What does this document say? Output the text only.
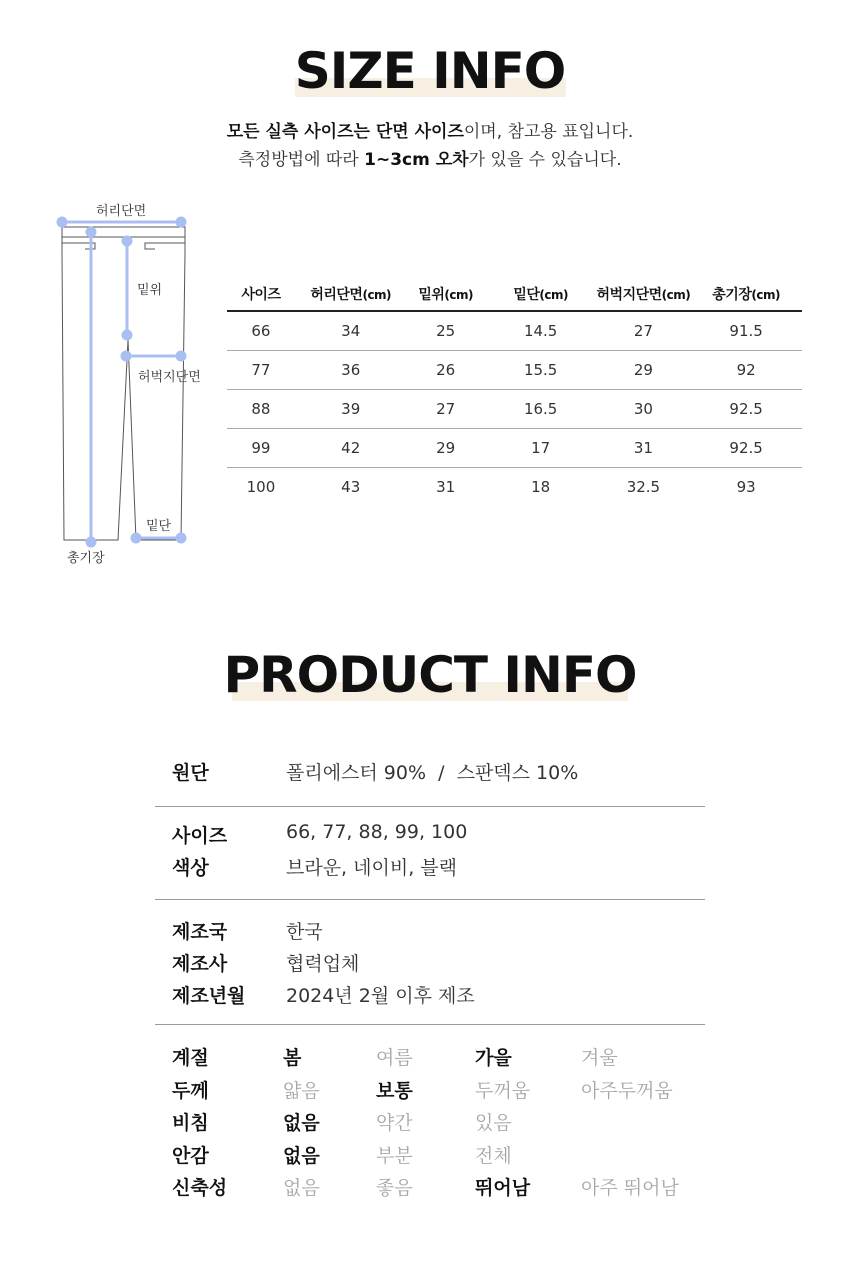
SIZE INFO
모든 실측 사이즈는 단면 사이즈이며, 참고용 표입니다.
측정방법에 따라 1~3cm 오차가 있을 수 있습니다.
허리단면
밑위
허벅지단면
밑단
총기장
사이즈	허리단면(cm)	밑위(cm)	밑단(cm)	허벅지단면(cm)	총기장(cm)
66	34	25	14.5	27	91.5
77	36	26	15.5	29	92
88	39	27	16.5	30	92.5
99	42	29	17	31	92.5
100	43	31	18	32.5	93
PRODUCT INFO
원단	폴리에스터 90%  /  스판덱스 10%
사이즈	66, 77, 88, 99, 100
색상	브라운, 네이비, 블랙
제조국	한국
제조사	협력업체
제조년월 2024년 2월 이후 제조
계절	봄	여름	가을	겨울
두께	얇음	보통	두꺼움	아주두꺼움
비침	없음	약간	있음
안감	없음	부분	전체
신축성	없음	좋음	뛰어남	아주 뛰어남
